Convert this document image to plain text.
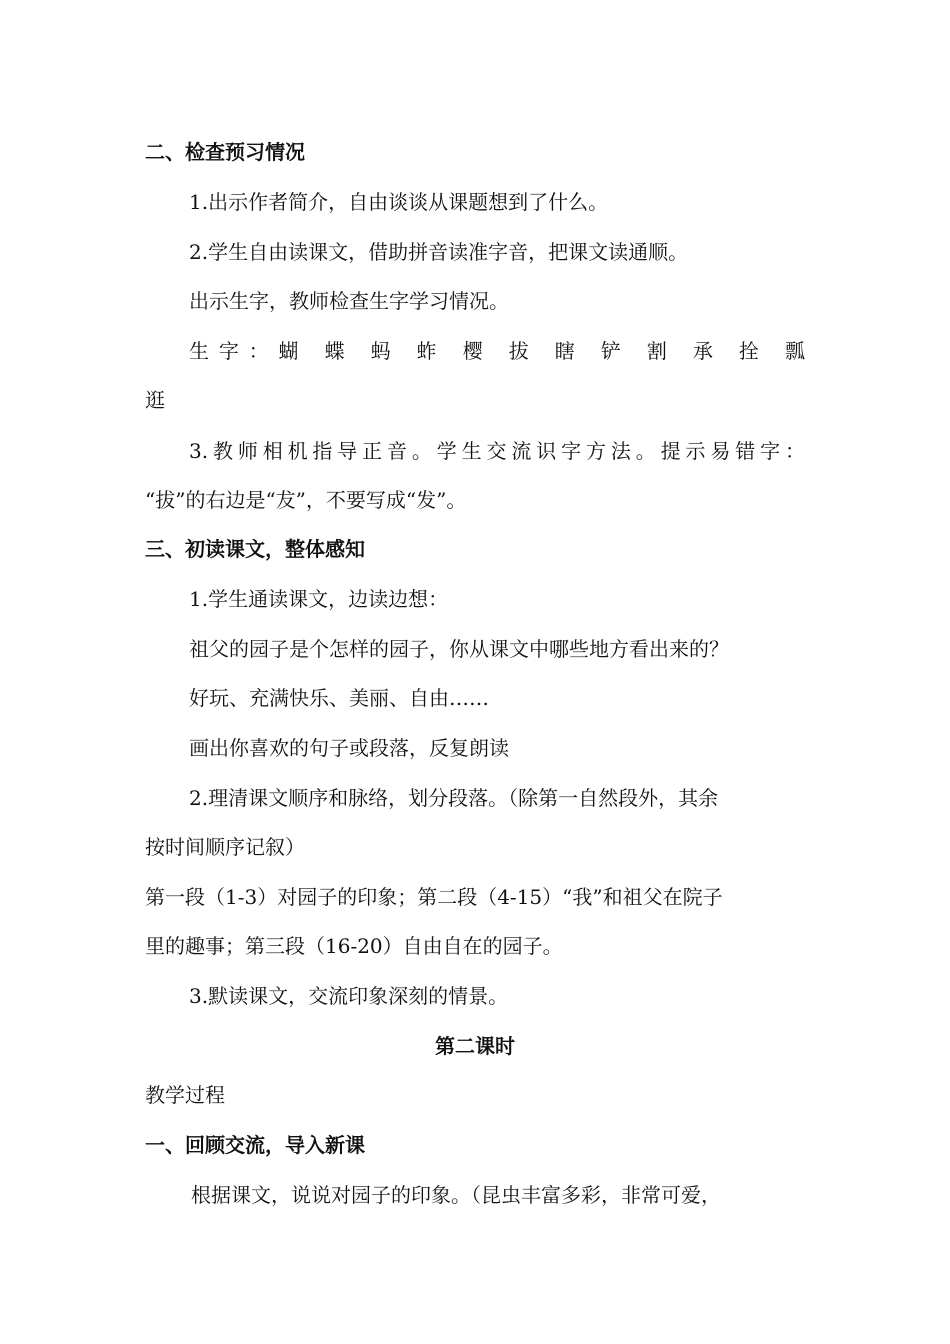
二、检查预习情况
1.出示作者简介，自由谈谈从课题想到了什么。
2.学生自由读课文，借助拼音读准字音，把课文读通顺。
出示生字，教师检查生字学习情况。
生字：蝴 蝶 蚂 蚱 樱 拔 瞎 铲 割 承 拴 瓢
逛
3.教师相机指导正音。学生交流识字方法。提示易错字：
“拔”的右边是“犮”，不要写成“发”。
三、初读课文，整体感知
1.学生通读课文，边读边想：
祖父的园子是个怎样的园子，你从课文中哪些地方看出来的？
好玩、充满快乐、美丽、自由……
画出你喜欢的句子或段落，反复朗读
2.理清课文顺序和脉络，划分段落。（除第一自然段外，其余
按时间顺序记叙）
第一段（1-3）对园子的印象；第二段（4-15）“我”和祖父在院子
里的趣事；第三段（16-20）自由自在的园子。
3.默读课文，交流印象深刻的情景。
第二课时
教学过程
一、回顾交流，导入新课
根据课文，说说对园子的印象。（昆虫丰富多彩，非常可爱，
